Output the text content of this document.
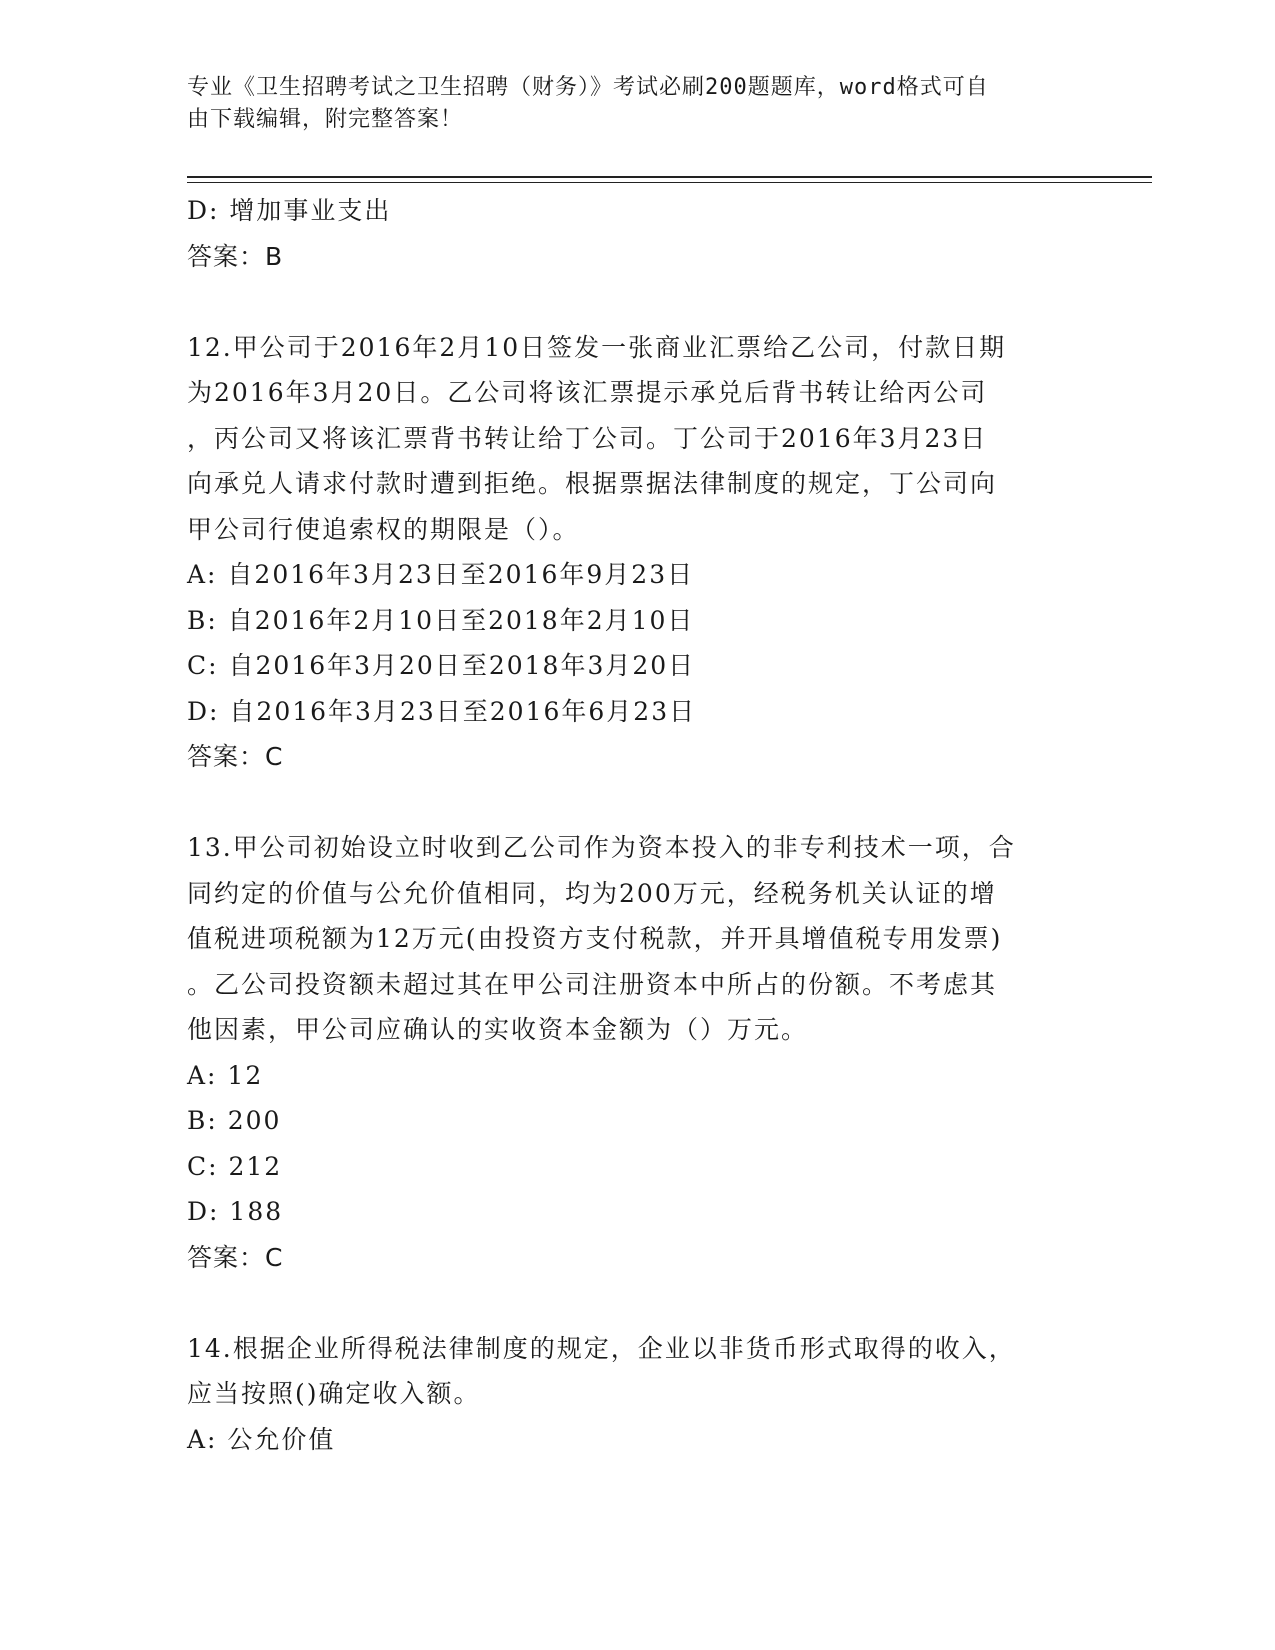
专业《卫生招聘考试之卫生招聘（财务）》考试必刷200题题库，word格式可自
由下载编辑，附完整答案！
D: 增加事业支出
答案：B
12.甲公司于2016年2月10日签发一张商业汇票给乙公司，付款日期
为2016年3月20日。乙公司将该汇票提示承兑后背书转让给丙公司
，丙公司又将该汇票背书转让给丁公司。丁公司于2016年3月23日
向承兑人请求付款时遭到拒绝。根据票据法律制度的规定，丁公司向
甲公司行使追索权的期限是（）。
A: 自2016年3月23日至2016年9月23日
B: 自2016年2月10日至2018年2月10日
C: 自2016年3月20日至2018年3月20日
D: 自2016年3月23日至2016年6月23日
答案：C
13.甲公司初始设立时收到乙公司作为资本投入的非专利技术一项，合
同约定的价值与公允价值相同，均为200万元，经税务机关认证的增
值税进项税额为12万元(由投资方支付税款，并开具增值税专用发票)
。乙公司投资额未超过其在甲公司注册资本中所占的份额。不考虑其
他因素，甲公司应确认的实收资本金额为（）万元。
A: 12
B: 200
C: 212
D: 188
答案：C
14.根据企业所得税法律制度的规定，企业以非货币形式取得的收入，
应当按照()确定收入额。
A: 公允价值
